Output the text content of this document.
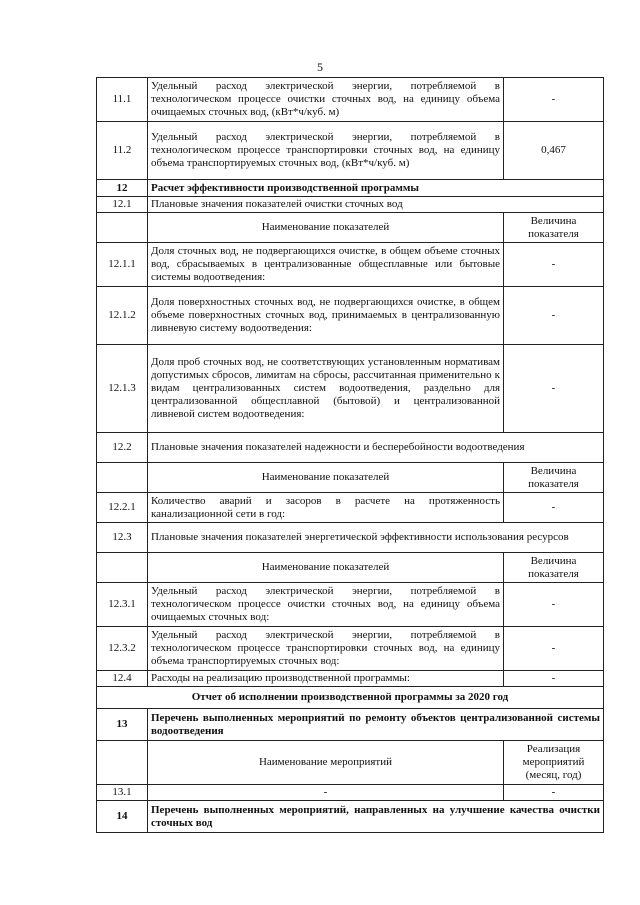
5
11.1	Удельный расход электрической энергии, потребляемой в технологическом процессе очистки сточных вод, на единицу объема очищаемых сточных вод, (кВт*ч/куб. м)	-
11.2	Удельный расход электрической энергии, потребляемой в технологическом процессе транспортировки сточных вод, на единицу объема транспортируемых сточных вод, (кВт*ч/куб. м)	0,467
12	Расчет эффективности производственной программы	
12.1	Плановые значения показателей очистки сточных вод	
	Наименование показателей	Величина показателя
12.1.1	Доля сточных вод, не подвергающихся очистке, в общем объеме сточных вод, сбрасываемых в централизованные общесплавные или бытовые системы водоотведения:	-
12.1.2	Доля поверхностных сточных вод, не подвергающихся очистке, в общем объеме поверхностных сточных вод, принимаемых в централизованную ливневую систему водоотведения:	-
12.1.3	Доля проб сточных вод, не соответствующих установленным нормативам допустимых сбросов, лимитам на сбросы, рассчитанная применительно к видам централизованных систем водоотведения, раздельно для централизованной общесплавной (бытовой) и централизованной ливневой систем водоотведения:	-
12.2	Плановые значения показателей надежности и бесперебойности водоотведения	
	Наименование показателей	Величина показателя
12.2.1	Количество аварий и засоров в расчете на протяженность канализационной сети в год:	-
12.3	Плановые значения показателей энергетической эффективности использования ресурсов	
	Наименование показателей	Величина показателя
12.3.1	Удельный расход электрической энергии, потребляемой в технологическом процессе очистки сточных вод, на единицу объема очищаемых сточных вод:	-
12.3.2	Удельный расход электрической энергии, потребляемой в технологическом процессе транспортировки сточных вод, на единицу объема транспортируемых сточных вод:	-
12.4	Расходы на реализацию производственной программы:	-
Отчет об исполнении производственной программы за 2020 год		
13	Перечень выполненных мероприятий по ремонту объектов централизованной системы водоотведения	
	Наименование мероприятий	Реализация мероприятий (месяц, год)
13.1	-	-
14	Перечень выполненных мероприятий, направленных на улучшение качества очистки сточных вод	
